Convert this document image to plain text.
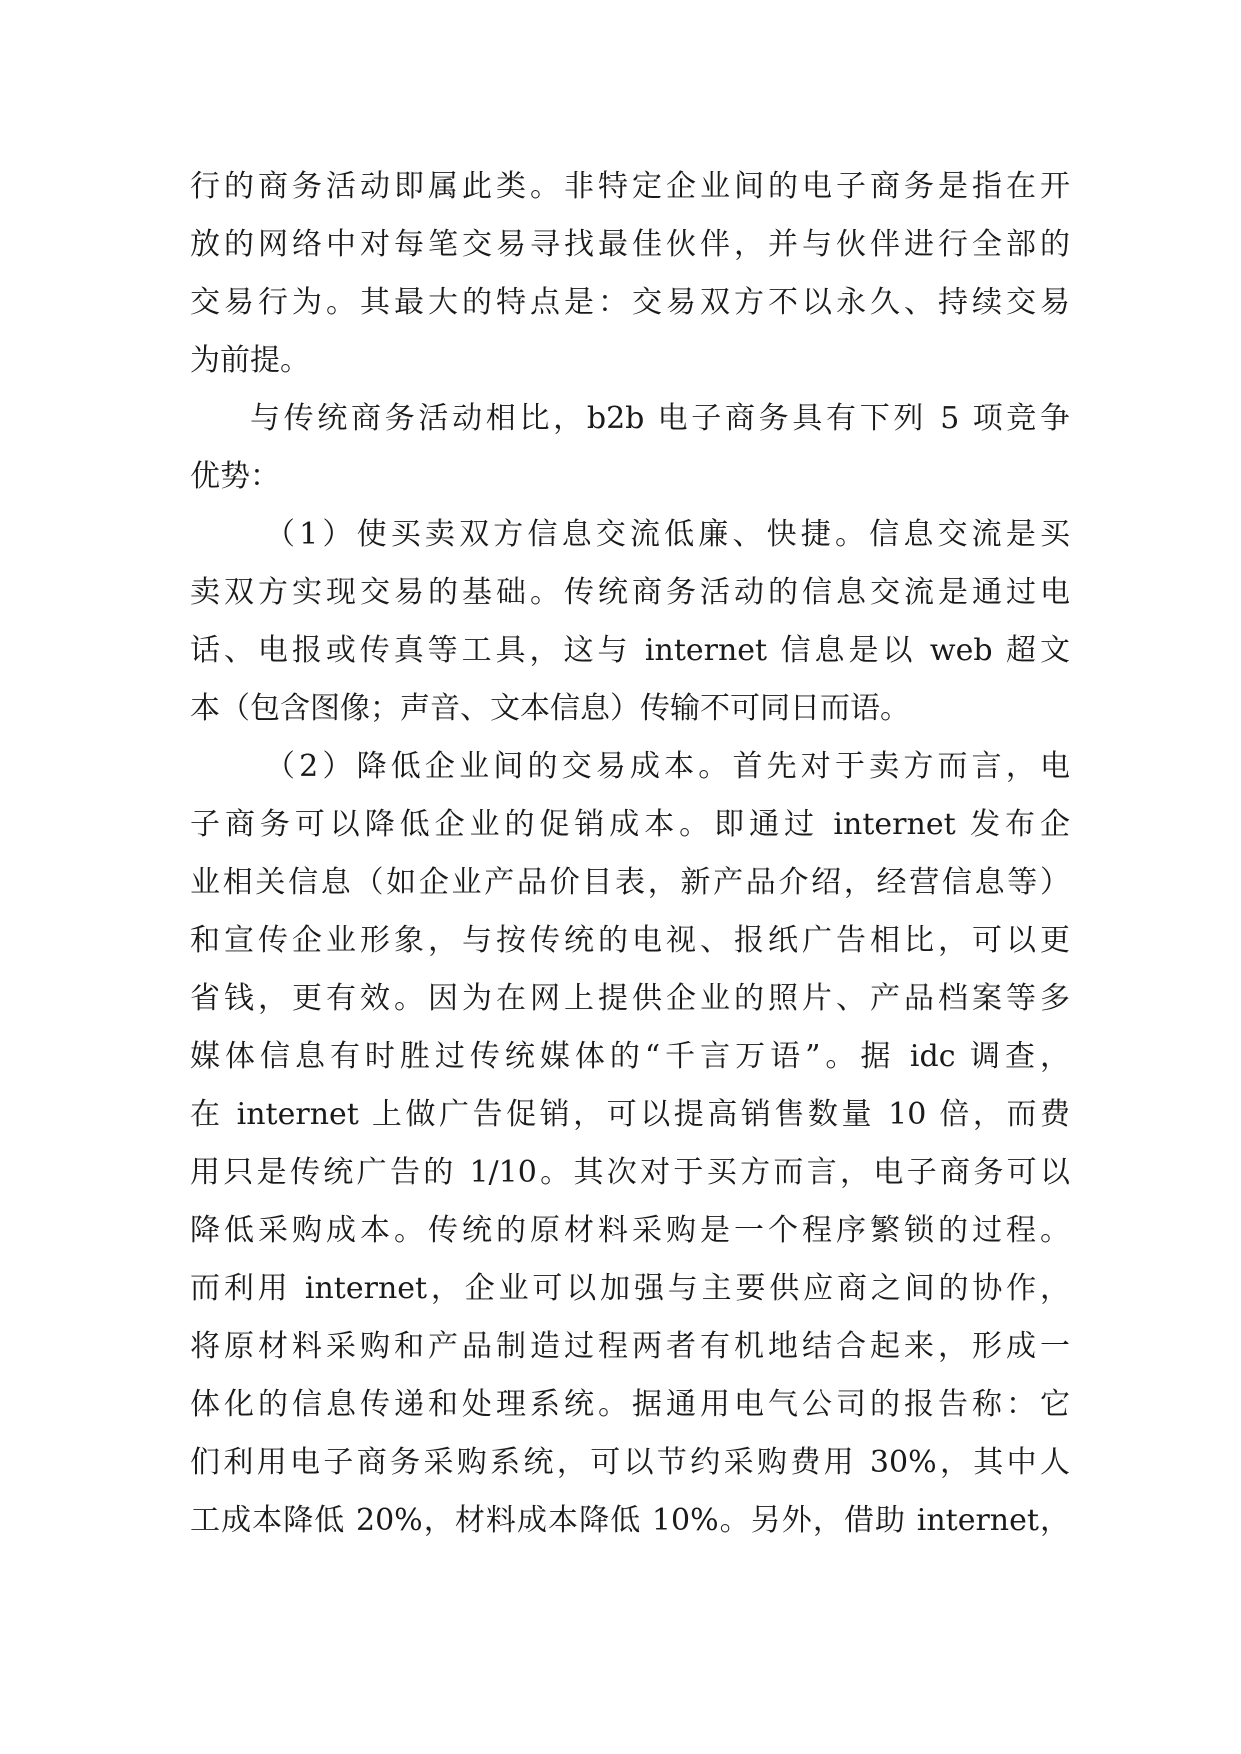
行的商务活动即属此类。非特定企业间的电子商务是指在开
放的网络中对每笔交易寻找最佳伙伴，并与伙伴进行全部的
交易行为。其最大的特点是：交易双方不以永久、持续交易
为前提。
与传统商务活动相比，b2b 电子商务具有下列 5 项竞争
优势：
（1）使买卖双方信息交流低廉、快捷。信息交流是买
卖双方实现交易的基础。传统商务活动的信息交流是通过电
话、电报或传真等工具，这与 internet 信息是以 web 超文
本（包含图像；声音、文本信息）传输不可同日而语。
（2）降低企业间的交易成本。首先对于卖方而言，电
子商务可以降低企业的促销成本。即通过 internet 发布企
业相关信息（如企业产品价目表，新产品介绍，经营信息等）
和宣传企业形象，与按传统的电视、报纸广告相比，可以更
省钱，更有效。因为在网上提供企业的照片、产品档案等多
媒体信息有时胜过传统媒体的“千言万语”。据 idc 调查，
在 internet 上做广告促销，可以提高销售数量 10 倍，而费
用只是传统广告的 1/10。其次对于买方而言，电子商务可以
降低采购成本。传统的原材料采购是一个程序繁锁的过程。
而利用 internet，企业可以加强与主要供应商之间的协作，
将原材料采购和产品制造过程两者有机地结合起来，形成一
体化的信息传递和处理系统。据通用电气公司的报告称：它
们利用电子商务采购系统，可以节约采购费用 30%，其中人
工成本降低 20%，材料成本降低 10%。另外，借助 internet，
